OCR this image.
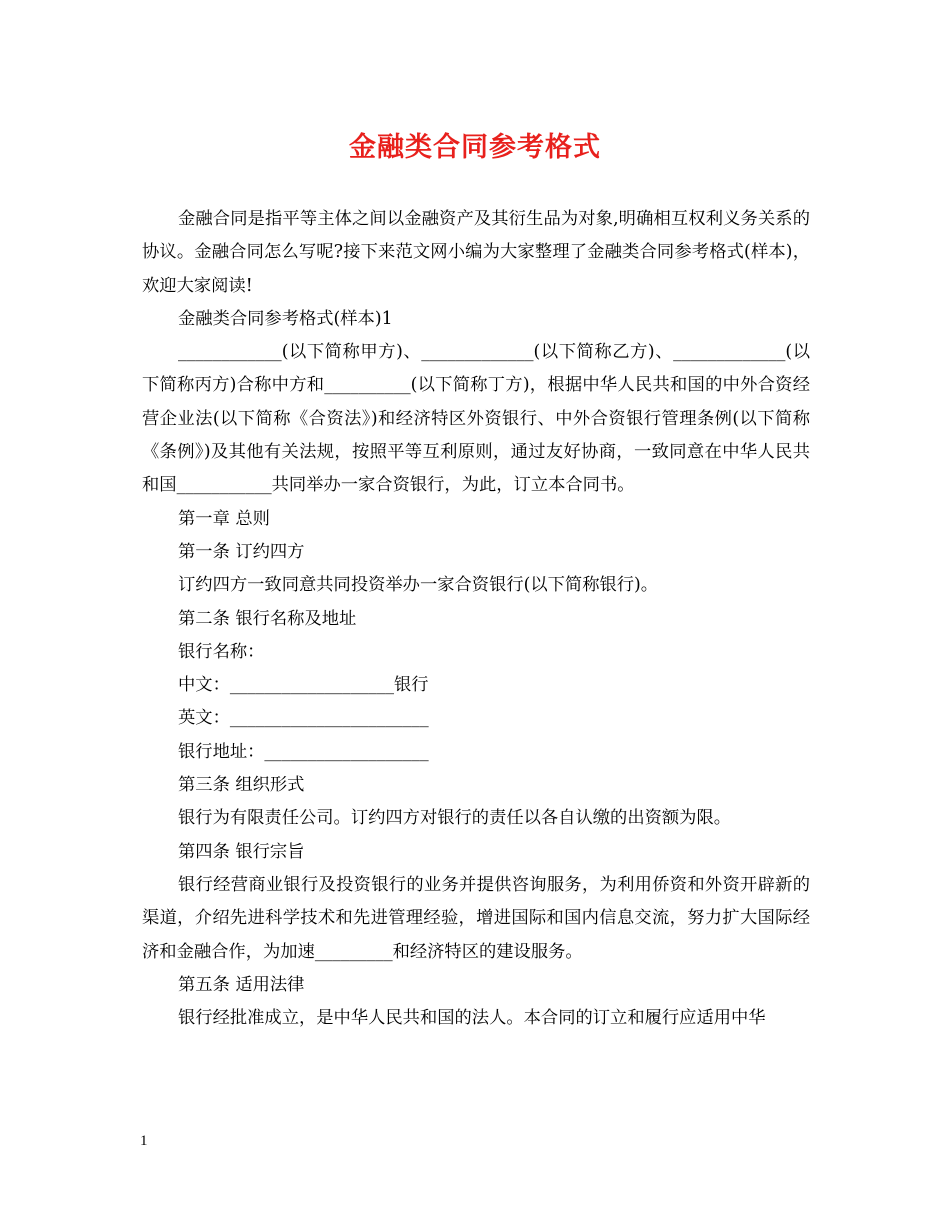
金融类合同参考格式

金融合同是指平等主体之间以金融资产及其衍生品为对象,明确相互权利义务关系的协议。金融合同怎么写呢?接下来范文网小编为大家整理了金融类合同参考格式(样本)，欢迎大家阅读!

金融类合同参考格式(样本)1

____________(以下简称甲方)、_____________(以下简称乙方)、_____________(以下简称丙方)合称中方和__________(以下简称丁方)，根据中华人民共和国的中外合资经营企业法(以下简称《合资法》)和经济特区外资银行、中外合资银行管理条例(以下简称《条例》)及其他有关法规，按照平等互利原则，通过友好协商，一致同意在中华人民共和国___________共同举办一家合资银行，为此，订立本合同书。

第一章 总则

第一条 订约四方

订约四方一致同意共同投资举办一家合资银行(以下简称银行)。

第二条 银行名称及地址

银行名称：

中文：___________________银行

英文：_______________________

银行地址：___________________

第三条 组织形式

银行为有限责任公司。订约四方对银行的责任以各自认缴的出资额为限。

第四条 银行宗旨

银行经营商业银行及投资银行的业务并提供咨询服务，为利用侨资和外资开辟新的渠道，介绍先进科学技术和先进管理经验，增进国际和国内信息交流，努力扩大国际经济和金融合作，为加速_________和经济特区的建设服务。

第五条 适用法律

银行经批准成立，是中华人民共和国的法人。本合同的订立和履行应适用中华

1
